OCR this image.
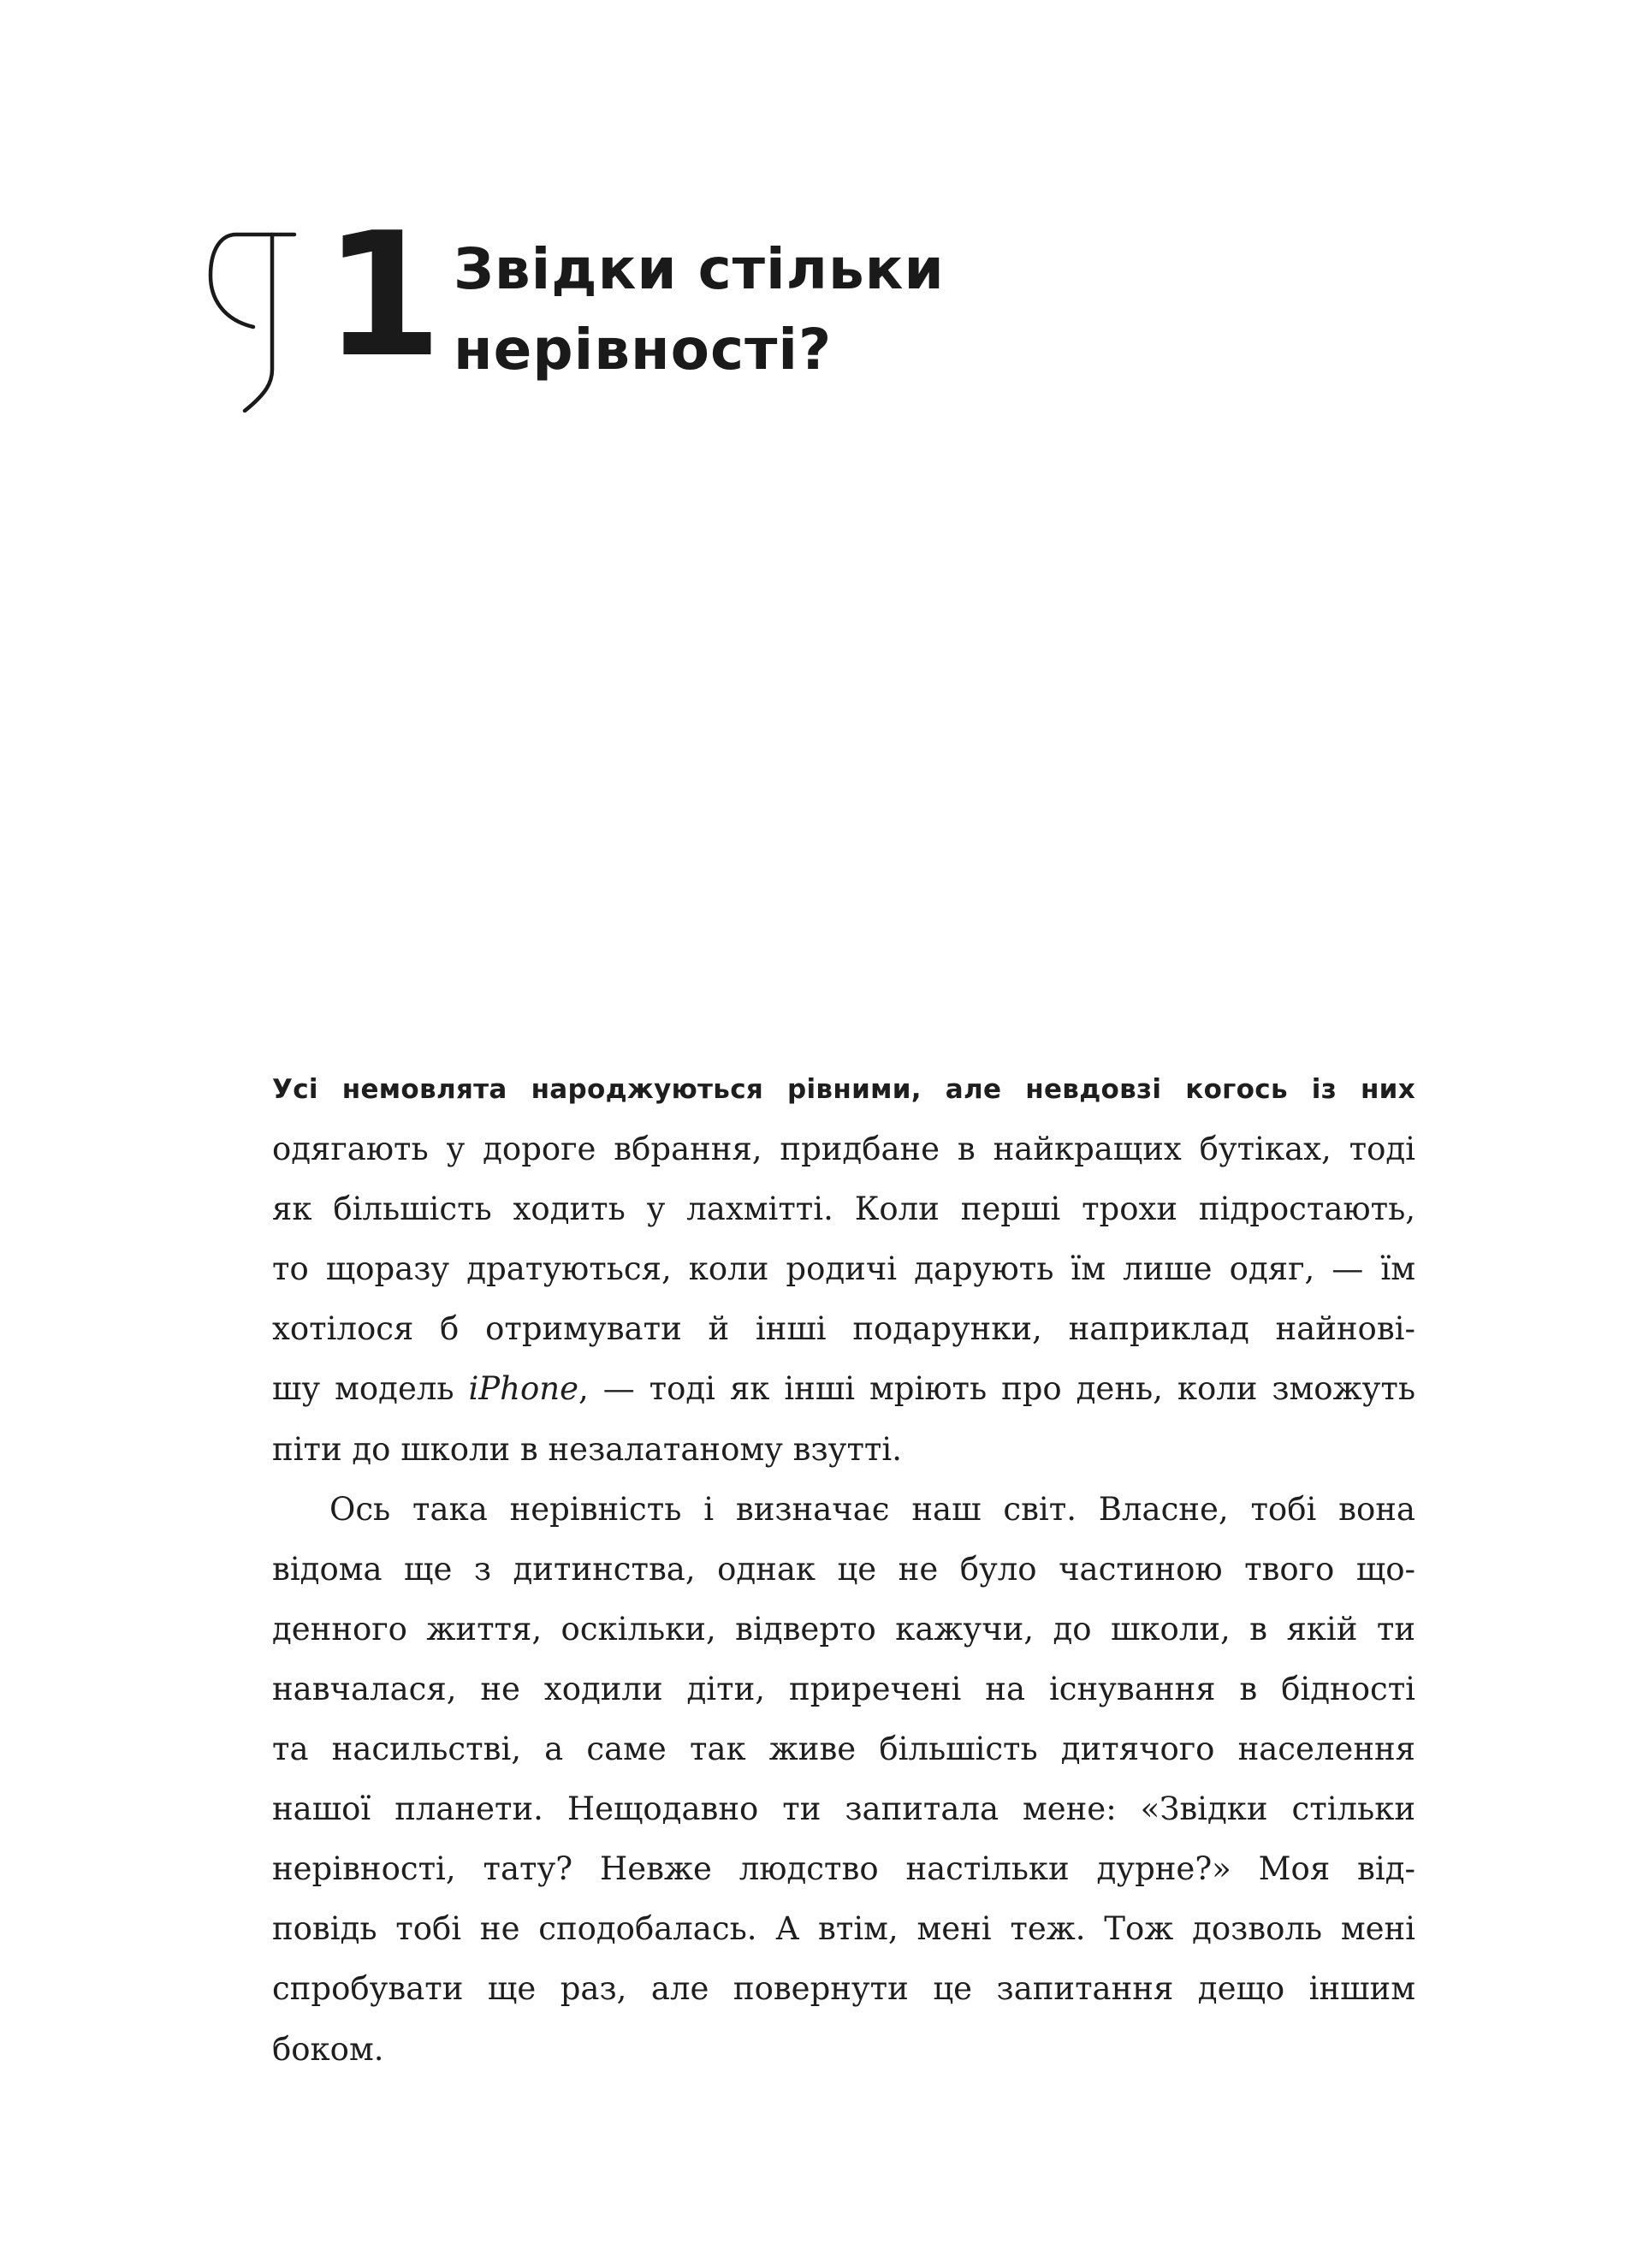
1 Звідки стільки
нерівності?
Усі немовлята народжуються рівними, але невдовзі когось із них
одягають у дороге вбрання, придбане в найкращих бутіках, тоді
як більшість ходить у лахмітті. Коли перші трохи підростають,
то щоразу дратуються, коли родичі дарують їм лише одяг, — їм
хотілося б отримувати й інші подарунки, наприклад найнові-
шу модель iPhone, — тоді як інші мріють про день, коли зможуть
піти до школи в незалатаному взутті.
Ось така нерівність і визначає наш світ. Власне, тобі вона
відома ще з дитинства, однак це не було частиною твого що-
денного життя, оскільки, відверто кажучи, до школи, в якій ти
навчалася, не ходили діти, приречені на існування в бідності
та насильстві, а саме так живе більшість дитячого населення
нашої планети. Нещодавно ти запитала мене: «Звідки стільки
нерівності, тату? Невже людство настільки дурне?» Моя від-
повідь тобі не сподобалась. А втім, мені теж. Тож дозволь мені
спробувати ще раз, але повернути це запитання дещо іншим
боком.
